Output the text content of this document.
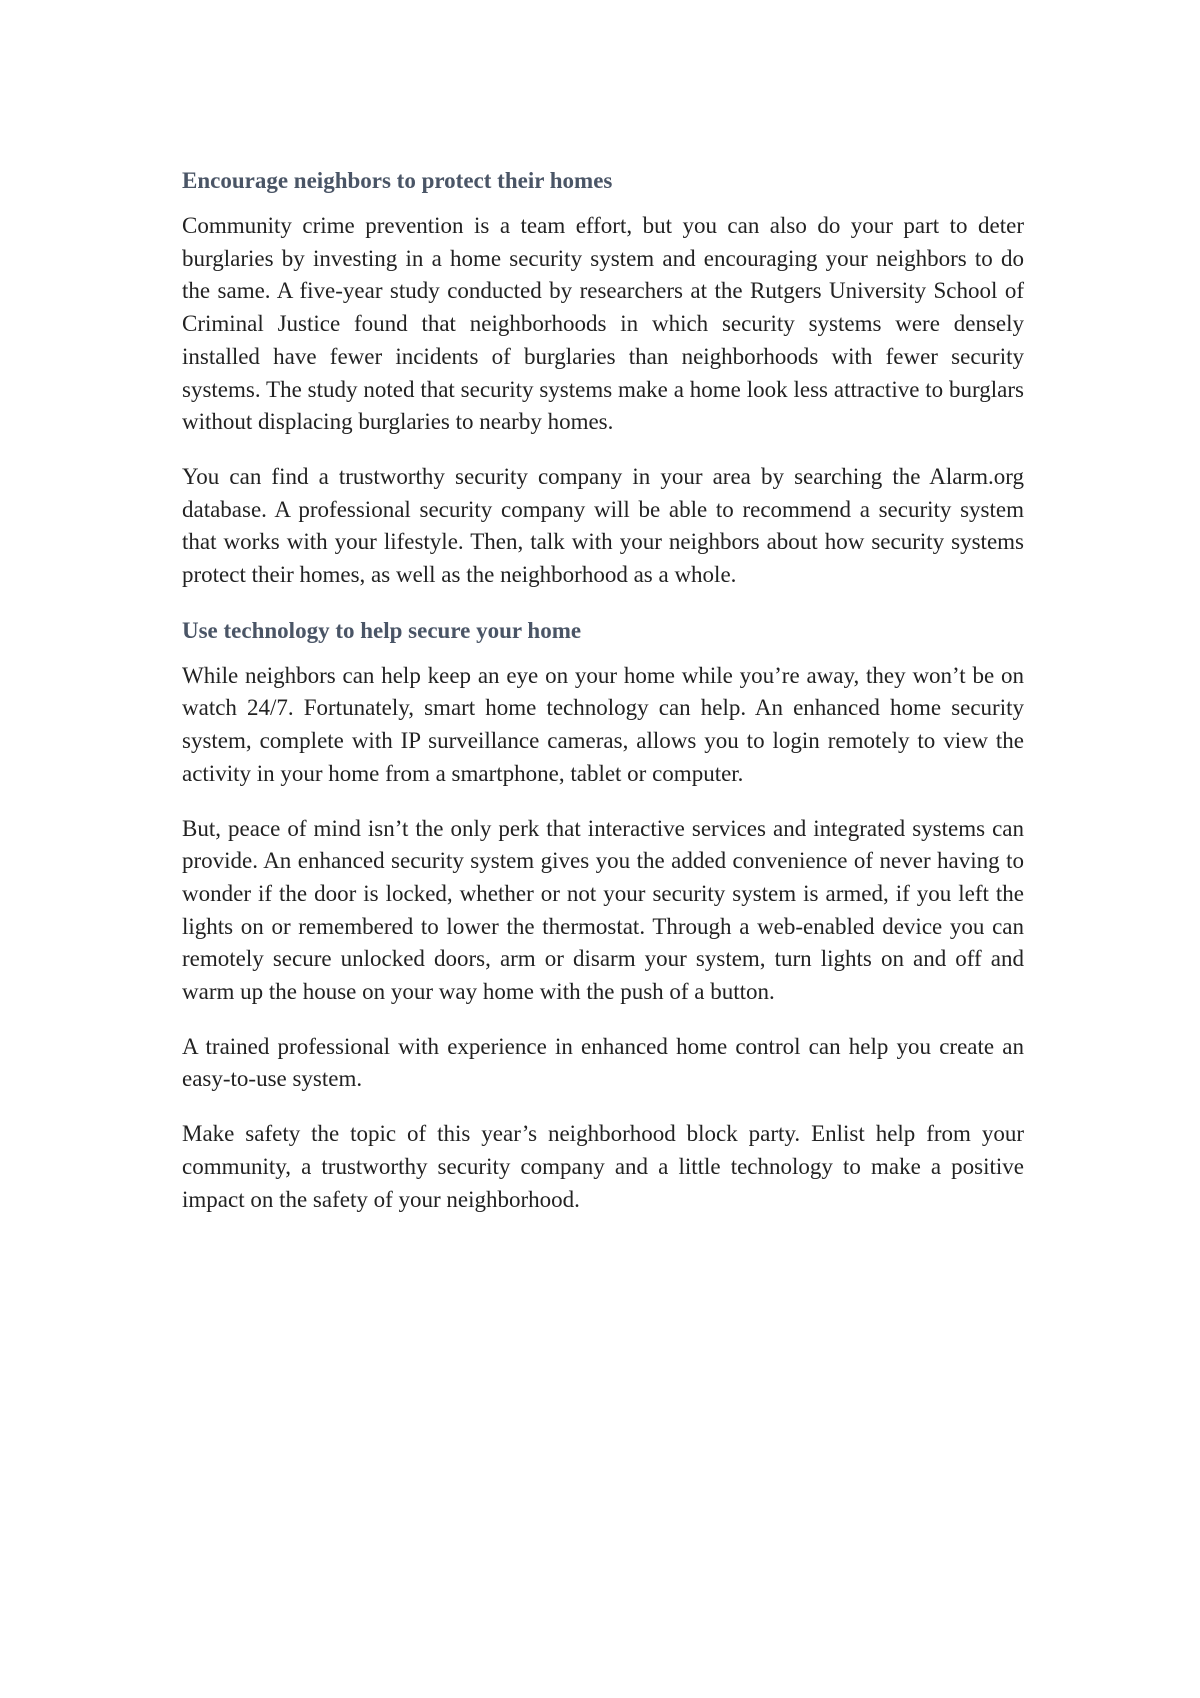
Encourage neighbors to protect their homes

Community crime prevention is a team effort, but you can also do your part to deter burglaries by investing in a home security system and encouraging your neighbors to do the same. A five-year study conducted by researchers at the Rutgers University School of Criminal Justice found that neighborhoods in which security systems were densely installed have fewer incidents of burglaries than neighborhoods with fewer security systems. The study noted that security systems make a home look less attractive to burglars without displacing burglaries to nearby homes.

You can find a trustworthy security company in your area by searching the Alarm.org database. A professional security company will be able to recommend a security system that works with your lifestyle. Then, talk with your neighbors about how security systems protect their homes, as well as the neighborhood as a whole.

Use technology to help secure your home

While neighbors can help keep an eye on your home while you’re away, they won’t be on watch 24/7. Fortunately, smart home technology can help. An enhanced home security system, complete with IP surveillance cameras, allows you to login remotely to view the activity in your home from a smartphone, tablet or computer.

But, peace of mind isn’t the only perk that interactive services and integrated systems can provide. An enhanced security system gives you the added convenience of never having to wonder if the door is locked, whether or not your security system is armed, if you left the lights on or remembered to lower the thermostat. Through a web-enabled device you can remotely secure unlocked doors, arm or disarm your system, turn lights on and off and warm up the house on your way home with the push of a button.

A trained professional with experience in enhanced home control can help you create an easy-to-use system.

Make safety the topic of this year’s neighborhood block party. Enlist help from your community, a trustworthy security company and a little technology to make a positive impact on the safety of your neighborhood.
